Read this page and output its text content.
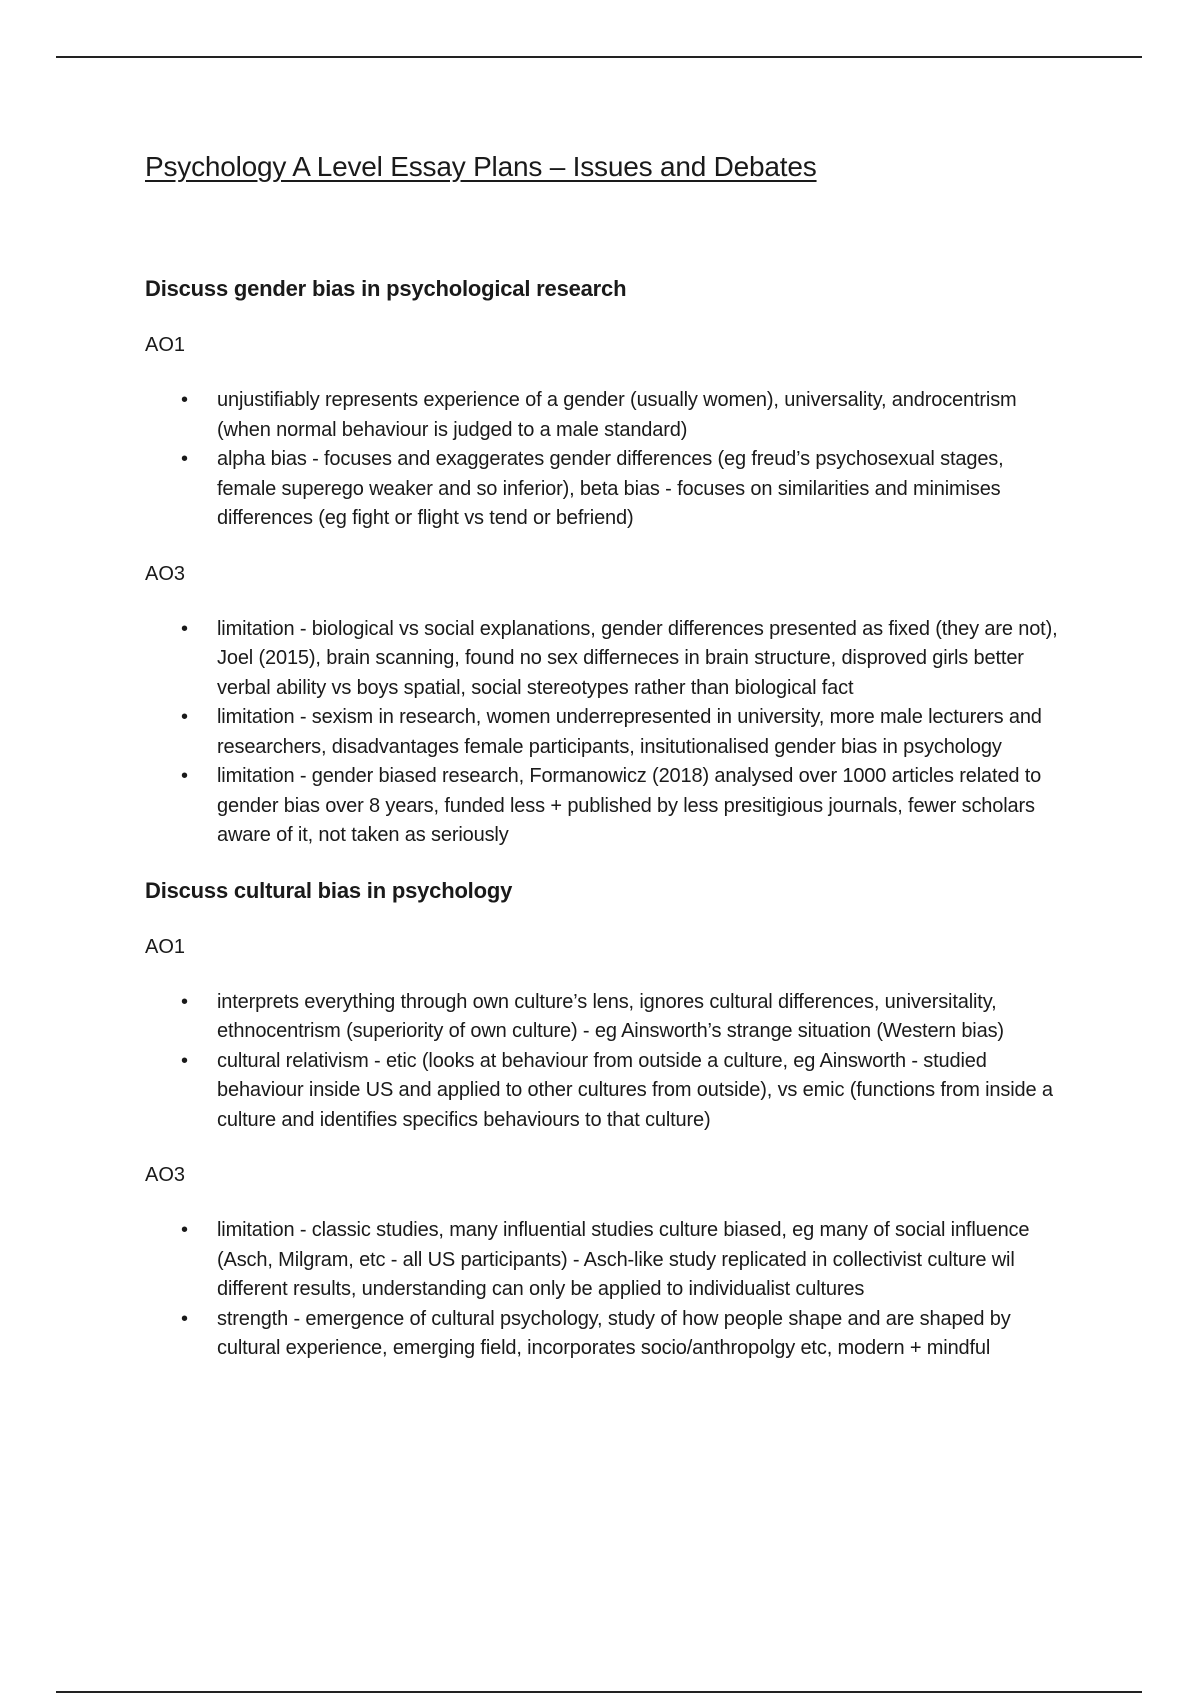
Psychology A Level Essay Plans – Issues and Debates
Discuss gender bias in psychological research

AO1

• unjustifiably represents experience of a gender (usually women), universality, androcentrism (when normal behaviour is judged to a male standard)
• alpha bias - focuses and exaggerates gender differences (eg freud’s psychosexual stages, female superego weaker and so inferior), beta bias - focuses on similarities and minimises differences (eg fight or flight vs tend or befriend)

AO3

• limitation - biological vs social explanations, gender differences presented as fixed (they are not), Joel (2015), brain scanning, found no sex differneces in brain structure, disproved girls better verbal ability vs boys spatial, social stereotypes rather than biological fact
• limitation - sexism in research, women underrepresented in university, more male lecturers and researchers, disadvantages female participants, insitutionalised gender bias in psychology
• limitation - gender biased research, Formanowicz (2018) analysed over 1000 articles related to gender bias over 8 years, funded less + published by less presitigious journals, fewer scholars aware of it, not taken as seriously
Discuss cultural bias in psychology

AO1

• interprets everything through own culture’s lens, ignores cultural differences, universitality, ethnocentrism (superiority of own culture) - eg Ainsworth’s strange situation (Western bias)
• cultural relativism - etic (looks at behaviour from outside a culture, eg Ainsworth - studied behaviour inside US and applied to other cultures from outside), vs emic (functions from inside a culture and identifies specifics behaviours to that culture)

AO3

• limitation - classic studies, many influential studies culture biased, eg many of social influence (Asch, Milgram, etc - all US participants) - Asch-like study replicated in collectivist culture wil different results, understanding can only be applied to individualist cultures
• strength - emergence of cultural psychology, study of how people shape and are shaped by cultural experience, emerging field, incorporates socio/anthropolgy etc, modern + mindful
